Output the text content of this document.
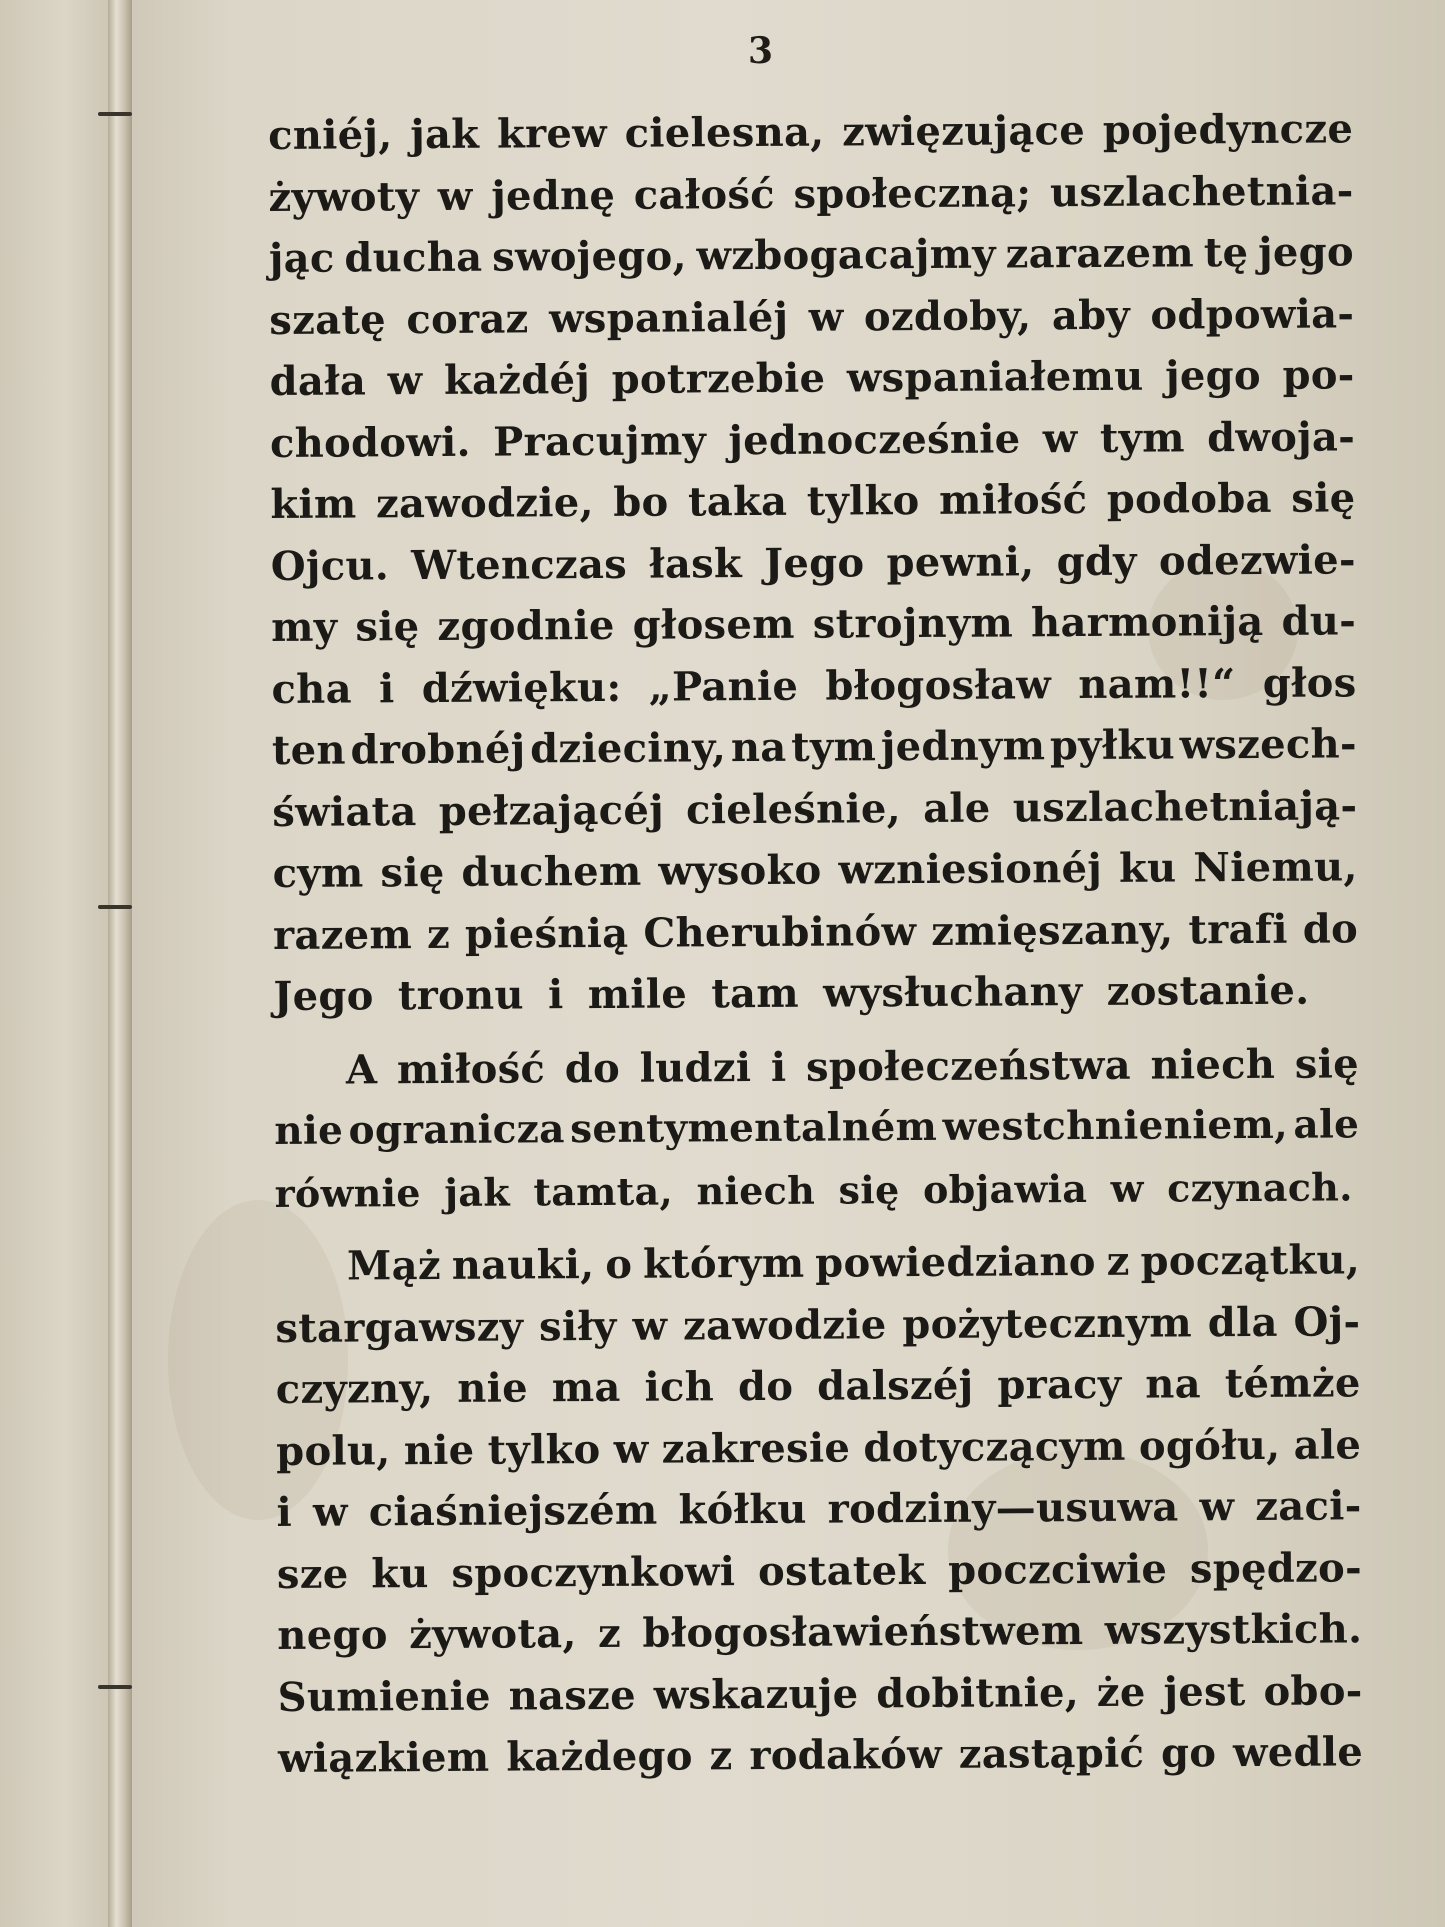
3
cniéj, jak krew cielesna, zwięzujące pojedyncze
żywoty w jednę całość społeczną; uszlachetnia-
jąc ducha swojego, wzbogacajmy zarazem tę jego
szatę coraz wspanialéj w ozdoby, aby odpowia-
dała w każdéj potrzebie wspaniałemu jego po-
chodowi. Pracujmy jednocześnie w tym dwoja-
kim zawodzie, bo taka tylko miłość podoba się
Ojcu. Wtenczas łask Jego pewni, gdy odezwie-
my się zgodnie głosem strojnym harmoniją du-
cha i dźwięku: „Panie błogosław nam!!“ głos
ten drobnéj dzieciny, na tym jednym pyłku wszech-
świata pełzającéj cieleśnie, ale uszlachetniają-
cym się duchem wysoko wzniesionéj ku Niemu,
razem z pieśnią Cherubinów zmięszany, trafi do
Jego tronu i mile tam wysłuchany zostanie.
A miłość do ludzi i społeczeństwa niech się
nie ogranicza sentymentalném westchnieniem, ale
równie jak tamta, niech się objawia w czynach.
Mąż nauki, o którym powiedziano z początku,
stargawszy siły w zawodzie pożytecznym dla Oj-
czyzny, nie ma ich do dalszéj pracy na témże
polu, nie tylko w zakresie dotyczącym ogółu, ale
i w ciaśniejszém kółku rodziny—usuwa w zaci-
sze ku spoczynkowi ostatek poczciwie spędzo-
nego żywota, z błogosławieństwem wszystkich.
Sumienie nasze wskazuje dobitnie, że jest obo-
wiązkiem każdego z rodaków zastąpić go wedle
